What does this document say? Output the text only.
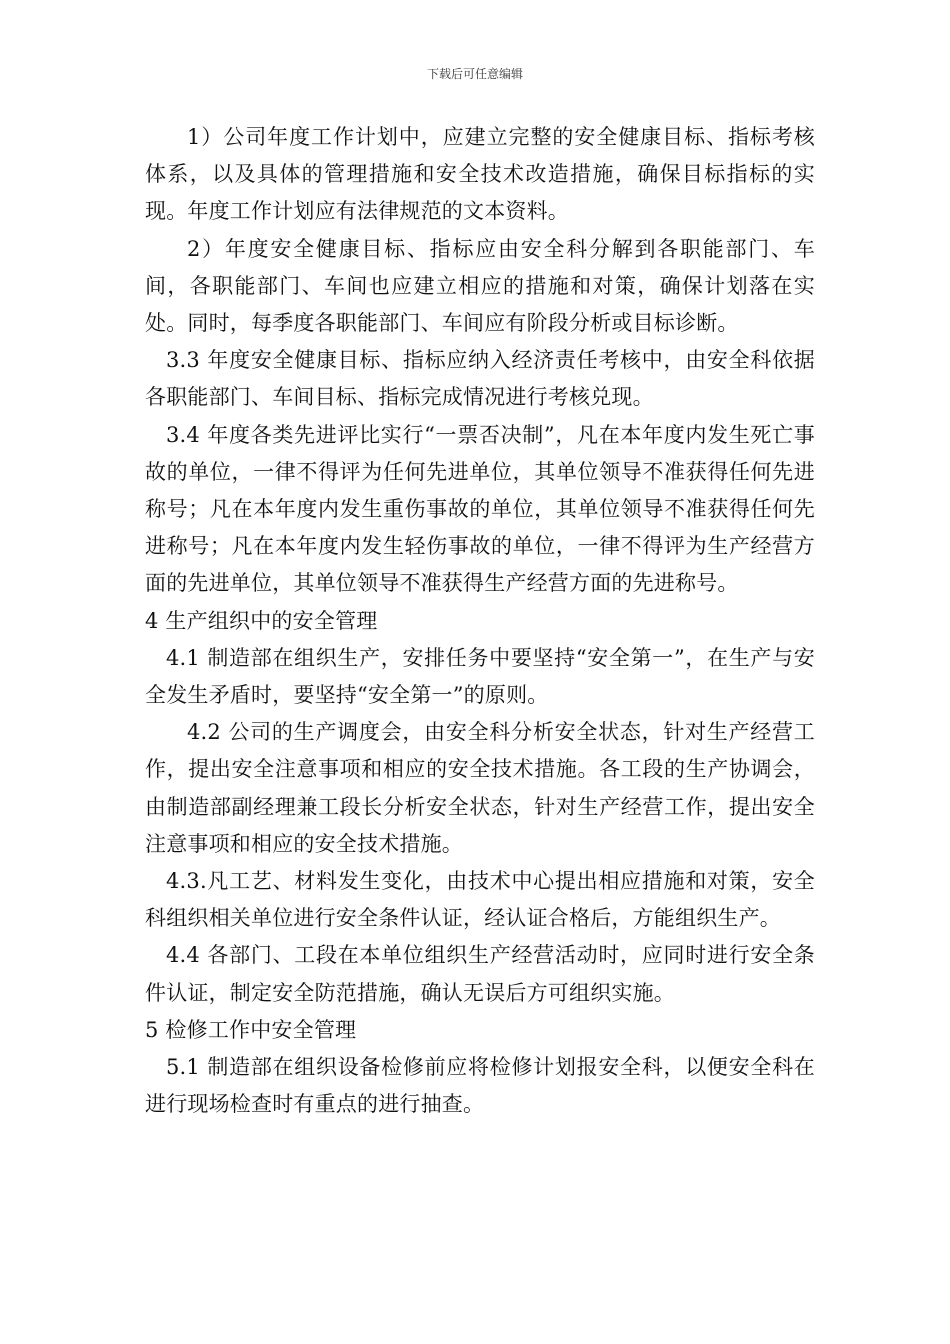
下载后可任意编辑

1）公司年度工作计划中，应建立完整的安全健康目标、指标考核体系，以及具体的管理措施和安全技术改造措施，确保目标指标的实现。年度工作计划应有法律规范的文本资料。

2）年度安全健康目标、指标应由安全科分解到各职能部门、车间，各职能部门、车间也应建立相应的措施和对策，确保计划落在实处。同时，每季度各职能部门、车间应有阶段分析或目标诊断。

3.3 年度安全健康目标、指标应纳入经济责任考核中，由安全科依据各职能部门、车间目标、指标完成情况进行考核兑现。

3.4 年度各类先进评比实行“一票否决制”，凡在本年度内发生死亡事故的单位，一律不得评为任何先进单位，其单位领导不准获得任何先进称号；凡在本年度内发生重伤事故的单位，其单位领导不准获得任何先进称号；凡在本年度内发生轻伤事故的单位，一律不得评为生产经营方面的先进单位，其单位领导不准获得生产经营方面的先进称号。

4 生产组织中的安全管理

4.1 制造部在组织生产，安排任务中要坚持“安全第一”，在生产与安全发生矛盾时，要坚持“安全第一”的原则。

4.2 公司的生产调度会，由安全科分析安全状态，针对生产经营工作，提出安全注意事项和相应的安全技术措施。各工段的生产协调会，由制造部副经理兼工段长分析安全状态，针对生产经营工作，提出安全注意事项和相应的安全技术措施。

4.3.凡工艺、材料发生变化，由技术中心提出相应措施和对策，安全科组织相关单位进行安全条件认证，经认证合格后，方能组织生产。

4.4 各部门、工段在本单位组织生产经营活动时，应同时进行安全条件认证，制定安全防范措施，确认无误后方可组织实施。

5 检修工作中安全管理

5.1 制造部在组织设备检修前应将检修计划报安全科，以便安全科在进行现场检查时有重点的进行抽查。
